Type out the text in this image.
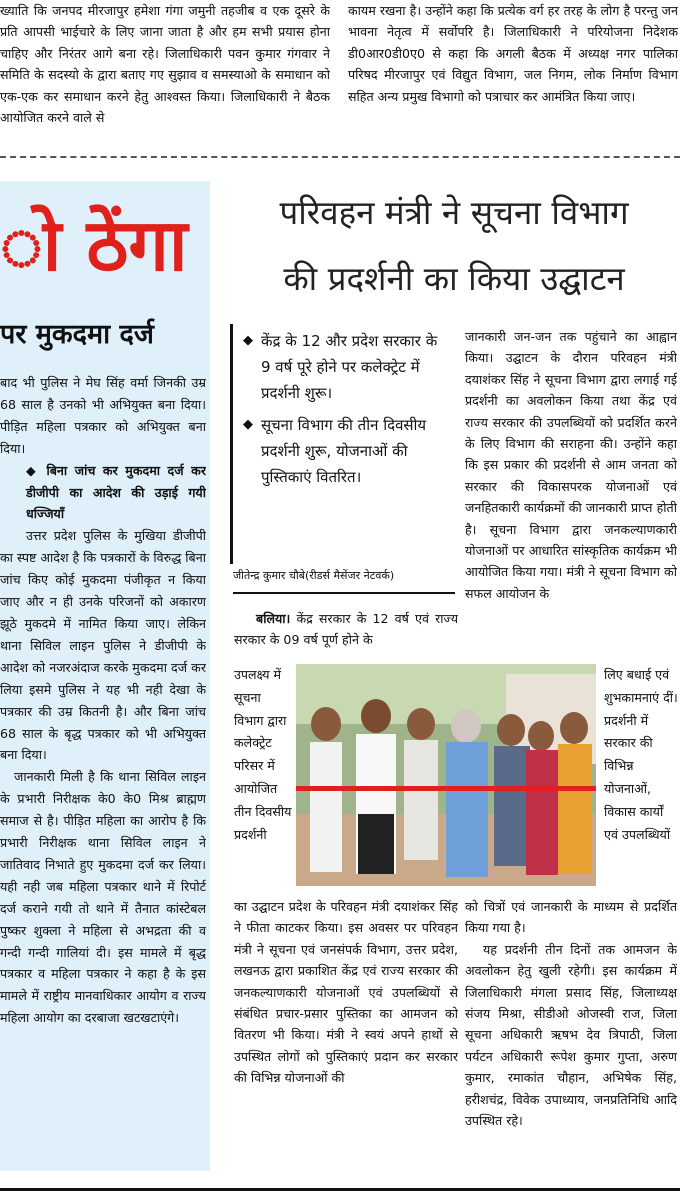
ख्याति कि जनपद मीरजापुर हमेशा गंगा जमुनी तहजीब व एक दूसरे के प्रति आपसी भाईचारे के लिए जाना जाता है और हम सभी प्रयास होना चाहिए और निरंतर आगे बना रहे। जिलाधिकारी पवन कुमार गंगवार ने समिति के सदस्यो के द्वारा बताए गए सुझाव व समस्याओ के समाधान को एक-एक कर समाधान करने हेतु आश्वस्त किया। जिलाधिकारी ने बैठक आयोजित करने वाले से

कायम रखना है। उन्होंने कहा कि प्रत्येक वर्ग हर तरह के लोग है परन्तु जन भावना नेतृत्व में सर्वोपरि है। जिलाधिकारी ने परियोजना निदेशक डी0आर0डी0ए0 से कहा कि अगली बैठक में अध्यक्ष नगर पालिका परिषद मीरजापुर एवं विद्युत विभाग, जल निगम, लोक निर्माण विभाग सहित अन्य प्रमुख विभागो को पत्राचार कर आमंत्रित किया जाए।

ो ठेंगा
पर मुकदमा दर्ज

बाद भी पुलिस ने मेघ सिंह वर्मा जिनकी उम्र 68 साल है उनको भी अभियुक्त बना दिया। पीड़ित महिला पत्रकार को अभियुक्त बना दिया।

◆ बिना जांच कर मुकदमा दर्ज कर डीजीपी का आदेश की उड़ाई गयी धज्जियाँ

उत्तर प्रदेश पुलिस के मुखिया डीजीपी का स्पष्ट आदेश है कि पत्रकारों के विरुद्ध बिना जांच किए कोई मुकदमा पंजीकृत न किया जाए और न ही उनके परिजनों को अकारण झूठे मुकदमे में नामित किया जाए। लेकिन थाना सिविल लाइन पुलिस ने डीजीपी के आदेश को नजरअंदाज करके मुकदमा दर्ज कर लिया इसमे पुलिस ने यह भी नही देखा के पत्रकार की उम्र कितनी है। और बिना जांच 68 साल के बृद्ध पत्रकार को भी अभियुक्त बना दिया।

जानकारी मिली है कि थाना सिविल लाइन के प्रभारी निरीक्षक के0 के0 मिश्र ब्राह्मण समाज से है। पीड़ित महिला का आरोप है कि प्रभारी निरीक्षक थाना सिविल लाइन ने जातिवाद निभाते हुए मुकदमा दर्ज कर लिया। यही नही जब महिला पत्रकार थाने में रिपोर्ट दर्ज कराने गयी तो थाने में तैनात कांस्टेबल पुष्कर शुक्ला ने महिला से अभद्रता की व गन्दी गन्दी गालियां दी। इस मामले में बृद्ध पत्रकार व महिला पत्रकार ने कहा है के इस मामले में राष्ट्रीय मानवाधिकार आयोग व राज्य महिला आयोग का दरबाजा खटखटाएंगे।

परिवहन मंत्री ने सूचना विभाग
की प्रदर्शनी का किया उद्घाटन
◆ केंद्र के 12 और प्रदेश सरकार के 9 वर्ष पूरे होने पर कलेक्ट्रेट में प्रदर्शनी शुरू।
◆ सूचना विभाग की तीन दिवसीय प्रदर्शनी शुरू, योजनाओं की पुस्तिकाएं वितरित।
जीतेन्द्र कुमार चौबे(रीडर्स मैसेंजर नेटवर्क)

जानकारी जन-जन तक पहुंचाने का आह्वान किया। उद्घाटन के दौरान परिवहन मंत्री दयाशंकर सिंह ने सूचना विभाग द्वारा लगाई गई प्रदर्शनी का अवलोकन किया तथा केंद्र एवं राज्य सरकार की उपलब्धियों को प्रदर्शित करने के लिए विभाग की सराहना की। उन्होंने कहा कि इस प्रकार की प्रदर्शनी से आम जनता को सरकार की विकासपरक योजनाओं एवं जनहितकारी कार्यक्रमों की जानकारी प्राप्त होती है। सूचना विभाग द्वारा जनकल्याणकारी योजनाओं पर आधारित सांस्कृतिक कार्यक्रम भी आयोजित किया गया। मंत्री ने सूचना विभाग को सफल आयोजन के

बलिया। केंद्र सरकार के 12 वर्ष एवं राज्य सरकार के 09 वर्ष पूर्ण होने के

उपलक्ष्य में सूचना विभाग द्वारा कलेक्ट्रेट परिसर में आयोजित तीन दिवसीय प्रदर्शनी

लिए बधाई एवं शुभकामनाएं दीं। प्रदर्शनी में सरकार की विभिन्न योजनाओं, विकास कार्यों एवं उपलब्धियों

का उद्घाटन प्रदेश के परिवहन मंत्री दयाशंकर सिंह ने फीता काटकर किया। इस अवसर पर परिवहन मंत्री ने सूचना एवं जनसंपर्क विभाग, उत्तर प्रदेश, लखनऊ द्वारा प्रकाशित केंद्र एवं राज्य सरकार की जनकल्याणकारी योजनाओं एवं उपलब्धियों से संबंधित प्रचार-प्रसार पुस्तिका का आमजन को वितरण भी किया। मंत्री ने स्वयं अपने हाथों से उपस्थित लोगों को पुस्तिकाएं प्रदान कर सरकार की विभिन्न योजनाओं की

को चित्रों एवं जानकारी के माध्यम से प्रदर्शित किया गया है।

यह प्रदर्शनी तीन दिनों तक आमजन के अवलोकन हेतु खुली रहेगी। इस कार्यक्रम में जिलाधिकारी मंगला प्रसाद सिंह, जिलाध्यक्ष संजय मिश्रा, सीडीओ ओजस्वी राज, जिला सूचना अधिकारी ऋषभ देव त्रिपाठी, जिला पर्यटन अधिकारी रूपेश कुमार गुप्ता, अरुण कुमार, रमाकांत चौहान, अभिषेक सिंह, हरीशचंद्र, विवेक उपाध्याय, जनप्रतिनिधि आदि उपस्थित रहे।
